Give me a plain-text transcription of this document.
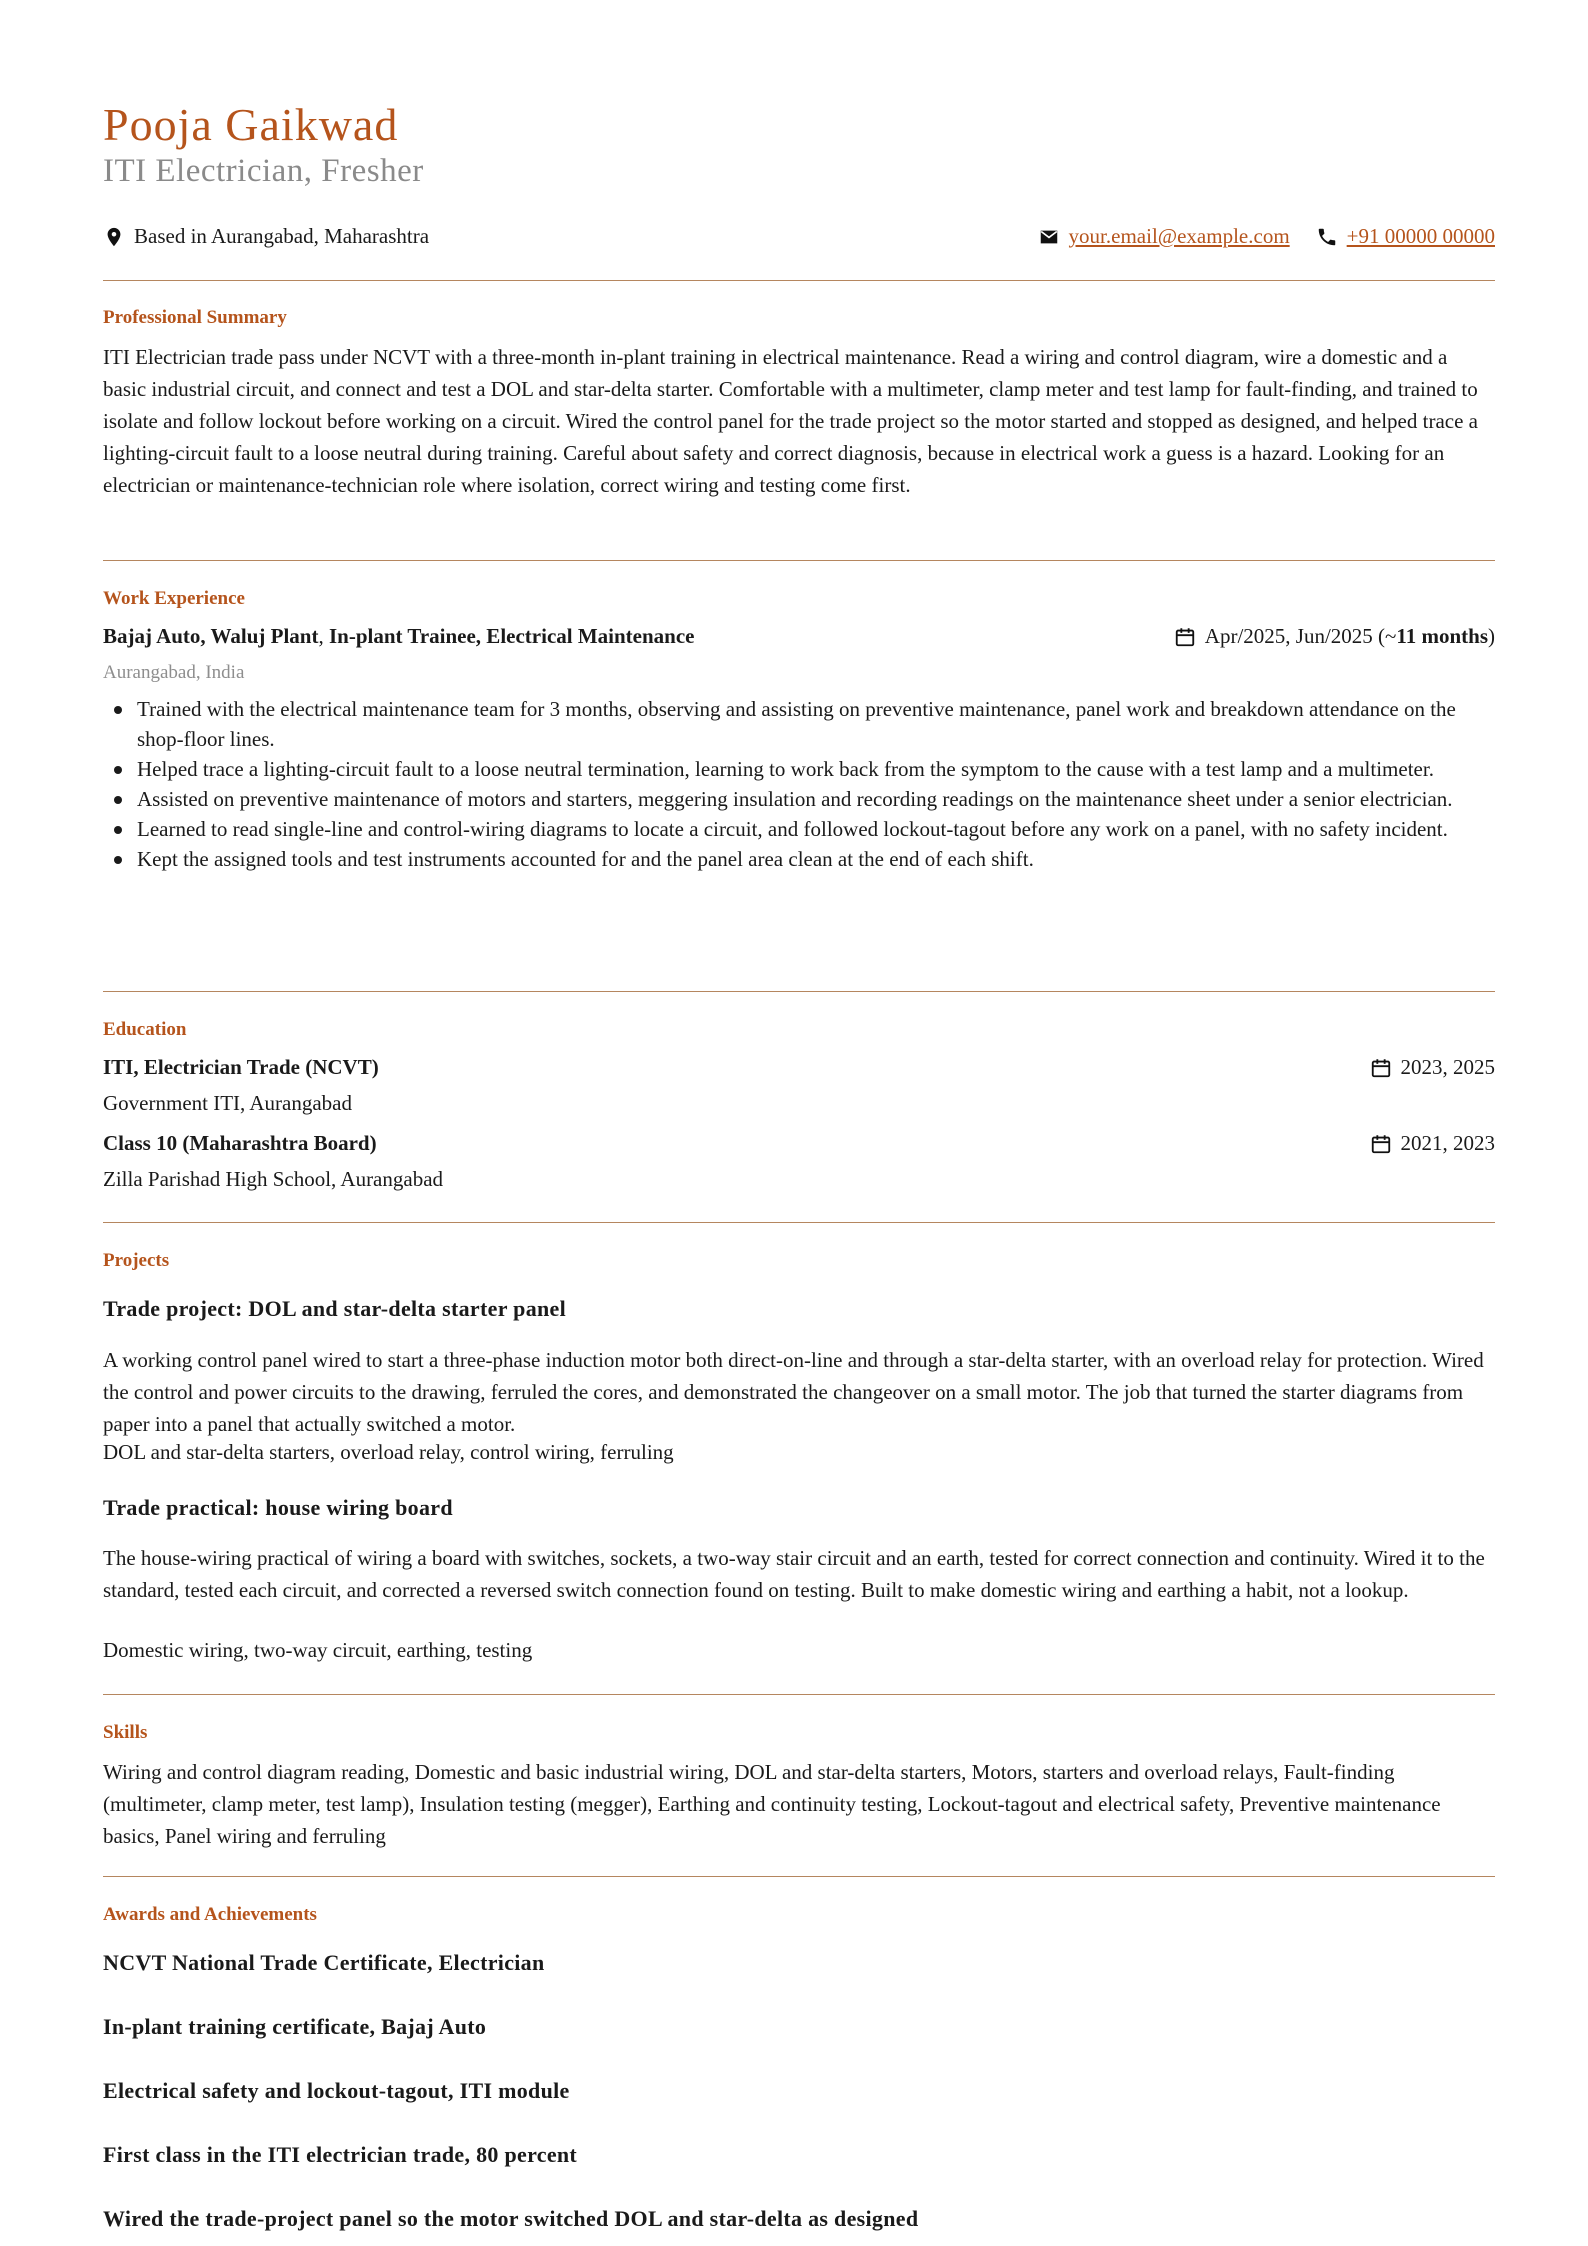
Pooja Gaikwad
ITI Electrician, Fresher
Based in Aurangabad, Maharashtra	your.email@example.com	+91 00000 00000
Professional Summary

ITI Electrician trade pass under NCVT with a three-month in-plant training in electrical maintenance. Read a wiring and control diagram, wire a domestic and a basic industrial circuit, and connect and test a DOL and star-delta starter. Comfortable with a multimeter, clamp meter and test lamp for fault-finding, and trained to isolate and follow lockout before working on a circuit. Wired the control panel for the trade project so the motor started and stopped as designed, and helped trace a lighting-circuit fault to a loose neutral during training. Careful about safety and correct diagnosis, because in electrical work a guess is a hazard. Looking for an electrician or maintenance-technician role where isolation, correct wiring and testing come first.

Work Experience
Bajaj Auto, Waluj Plant, In-plant Trainee, Electrical Maintenance	Apr/2025, Jun/2025 (~ 11 months )
Aurangabad, India
Trained with the electrical maintenance team for 3 months, observing and assisting on preventive maintenance, panel work and breakdown attendance on the shop-floor lines.
Helped trace a lighting-circuit fault to a loose neutral termination, learning to work back from the symptom to the cause with a test lamp and a multimeter.
Assisted on preventive maintenance of motors and starters, meggering insulation and recording readings on the maintenance sheet under a senior electrician.
Learned to read single-line and control-wiring diagrams to locate a circuit, and followed lockout-tagout before any work on a panel, with no safety incident.
Kept the assigned tools and test instruments accounted for and the panel area clean at the end of each shift.
Education
ITI, Electrician Trade (NCVT)	2023, 2025
Government ITI, Aurangabad
Class 10 (Maharashtra Board)	2021, 2023
Zilla Parishad High School, Aurangabad
Projects
Trade project: DOL and star-delta starter panel

A working control panel wired to start a three-phase induction motor both direct-on-line and through a star-delta starter, with an overload relay for protection. Wired the control and power circuits to the drawing, ferruled the cores, and demonstrated the changeover on a small motor. The job that turned the starter diagrams from paper into a panel that actually switched a motor.

DOL and star-delta starters, overload relay, control wiring, ferruling
Trade practical: house wiring board

The house-wiring practical of wiring a board with switches, sockets, a two-way stair circuit and an earth, tested for correct connection and continuity. Wired it to the standard, tested each circuit, and corrected a reversed switch connection found on testing. Built to make domestic wiring and earthing a habit, not a lookup.

Domestic wiring, two-way circuit, earthing, testing
Skills

Wiring and control diagram reading, Domestic and basic industrial wiring, DOL and star-delta starters, Motors, starters and overload relays, Fault-finding (multimeter, clamp meter, test lamp), Insulation testing (megger), Earthing and continuity testing, Lockout-tagout and electrical safety, Preventive maintenance basics, Panel wiring and ferruling

Awards and Achievements
NCVT National Trade Certificate, Electrician
In-plant training certificate, Bajaj Auto
Electrical safety and lockout-tagout, ITI module
First class in the ITI electrician trade, 80 percent
Wired the trade-project panel so the motor switched DOL and star-delta as designed
